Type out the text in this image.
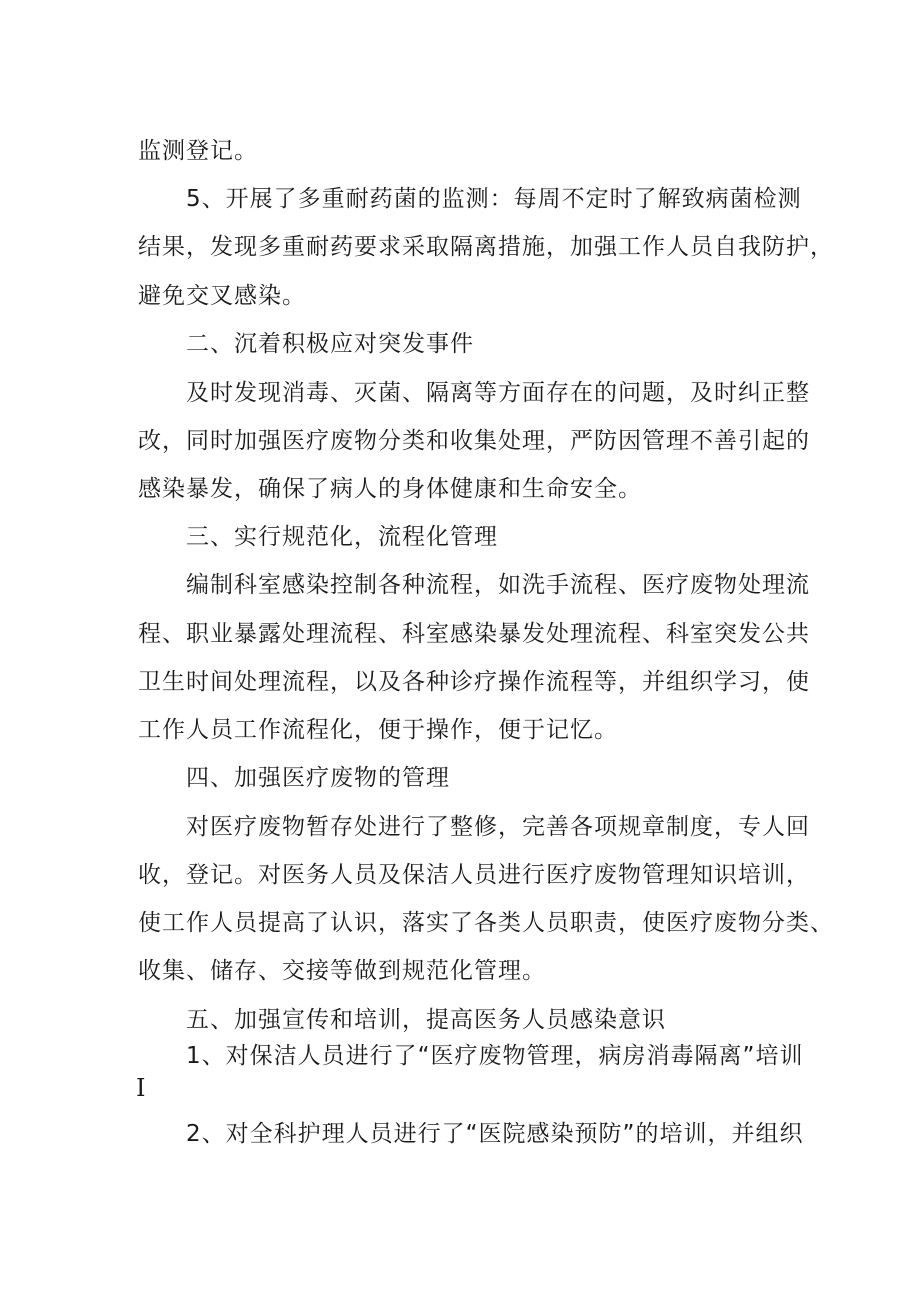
监测登记。
5、开展了多重耐药菌的监测：每周不定时了解致病菌检测
结果，发现多重耐药要求采取隔离措施，加强工作人员自我防护，
避免交叉感染。
二、沉着积极应对突发事件
及时发现消毒、灭菌、隔离等方面存在的问题，及时纠正整
改，同时加强医疗废物分类和收集处理，严防因管理不善引起的
感染暴发，确保了病人的身体健康和生命安全。
三、实行规范化，流程化管理
编制科室感染控制各种流程，如洗手流程、医疗废物处理流
程、职业暴露处理流程、科室感染暴发处理流程、科室突发公共
卫生时间处理流程，以及各种诊疗操作流程等，并组织学习，使
工作人员工作流程化，便于操作，便于记忆。
四、加强医疗废物的管理
对医疗废物暂存处进行了整修，完善各项规章制度，专人回
收，登记。对医务人员及保洁人员进行医疗废物管理知识培训，
使工作人员提高了认识，落实了各类人员职责，使医疗废物分类、
收集、储存、交接等做到规范化管理。
五、加强宣传和培训，提高医务人员感染意识
1、对保洁人员进行了“医疗废物管理，病房消毒隔离”培训
I
2、对全科护理人员进行了“医院感染预防”的培训，并组织
